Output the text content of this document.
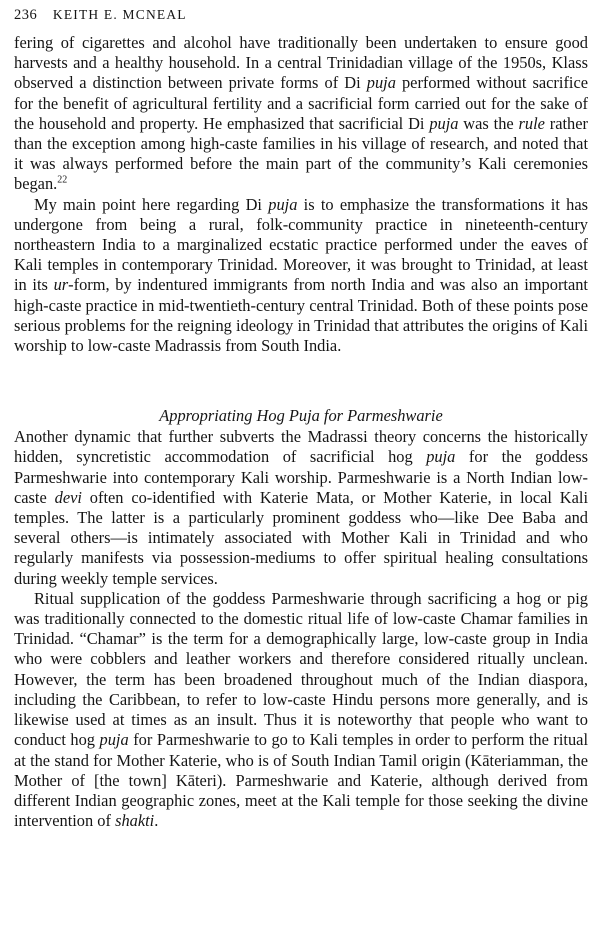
236 KEITH E. MCNEAL

fering of cigarettes and alcohol have traditionally been undertaken to ensure good harvests and a healthy household. In a central Trinidadian village of the 1950s, Klass observed a distinction between private forms of Di puja performed without sacrifice for the benefit of agricultural fertility and a sacrificial form carried out for the sake of the household and property. He emphasized that sacrificial Di puja was the rule rather than the exception among high-caste families in his village of research, and noted that it was always performed before the main part of the community’s Kali ceremonies began.$^{22}$

My main point here regarding Di puja is to emphasize the transformations it has undergone from being a rural, folk-community practice in nineteenth-century northeastern India to a marginalized ecstatic practice performed under the eaves of Kali temples in contemporary Trinidad. Moreover, it was brought to Trinidad, at least in its ur-form, by indentured immigrants from north India and was also an important high-caste practice in mid-twentieth-century central Trinidad. Both of these points pose serious problems for the reigning ideology in Trinidad that attributes the origins of Kali worship to low-caste Madrassis from South India.

Appropriating Hog Puja for Parmeshwarie

Another dynamic that further subverts the Madrassi theory concerns the historically hidden, syncretistic accommodation of sacrificial hog puja for the goddess Parmeshwarie into contemporary Kali worship. Parmeshwarie is a North Indian low-caste devi often co-identified with Katerie Mata, or Mother Katerie, in local Kali temples. The latter is a particularly prominent goddess who—like Dee Baba and several others—is intimately associated with Mother Kali in Trinidad and who regularly manifests via possession-mediums to offer spiritual healing consultations during weekly temple services.

Ritual supplication of the goddess Parmeshwarie through sacrificing a hog or pig was traditionally connected to the domestic ritual life of low-caste Chamar families in Trinidad. “Chamar” is the term for a demographically large, low-caste group in India who were cobblers and leather workers and therefore considered ritually unclean. However, the term has been broadened throughout much of the Indian diaspora, including the Caribbean, to refer to low-caste Hindu persons more generally, and is likewise used at times as an insult. Thus it is noteworthy that people who want to conduct hog puja for Parmeshwarie to go to Kali temples in order to perform the ritual at the stand for Mother Katerie, who is of South Indian Tamil origin (Kāteriamman, the Mother of [the town] Kāteri). Parmeshwarie and Katerie, although derived from different Indian geographic zones, meet at the Kali temple for those seeking the divine intervention of shakti.
